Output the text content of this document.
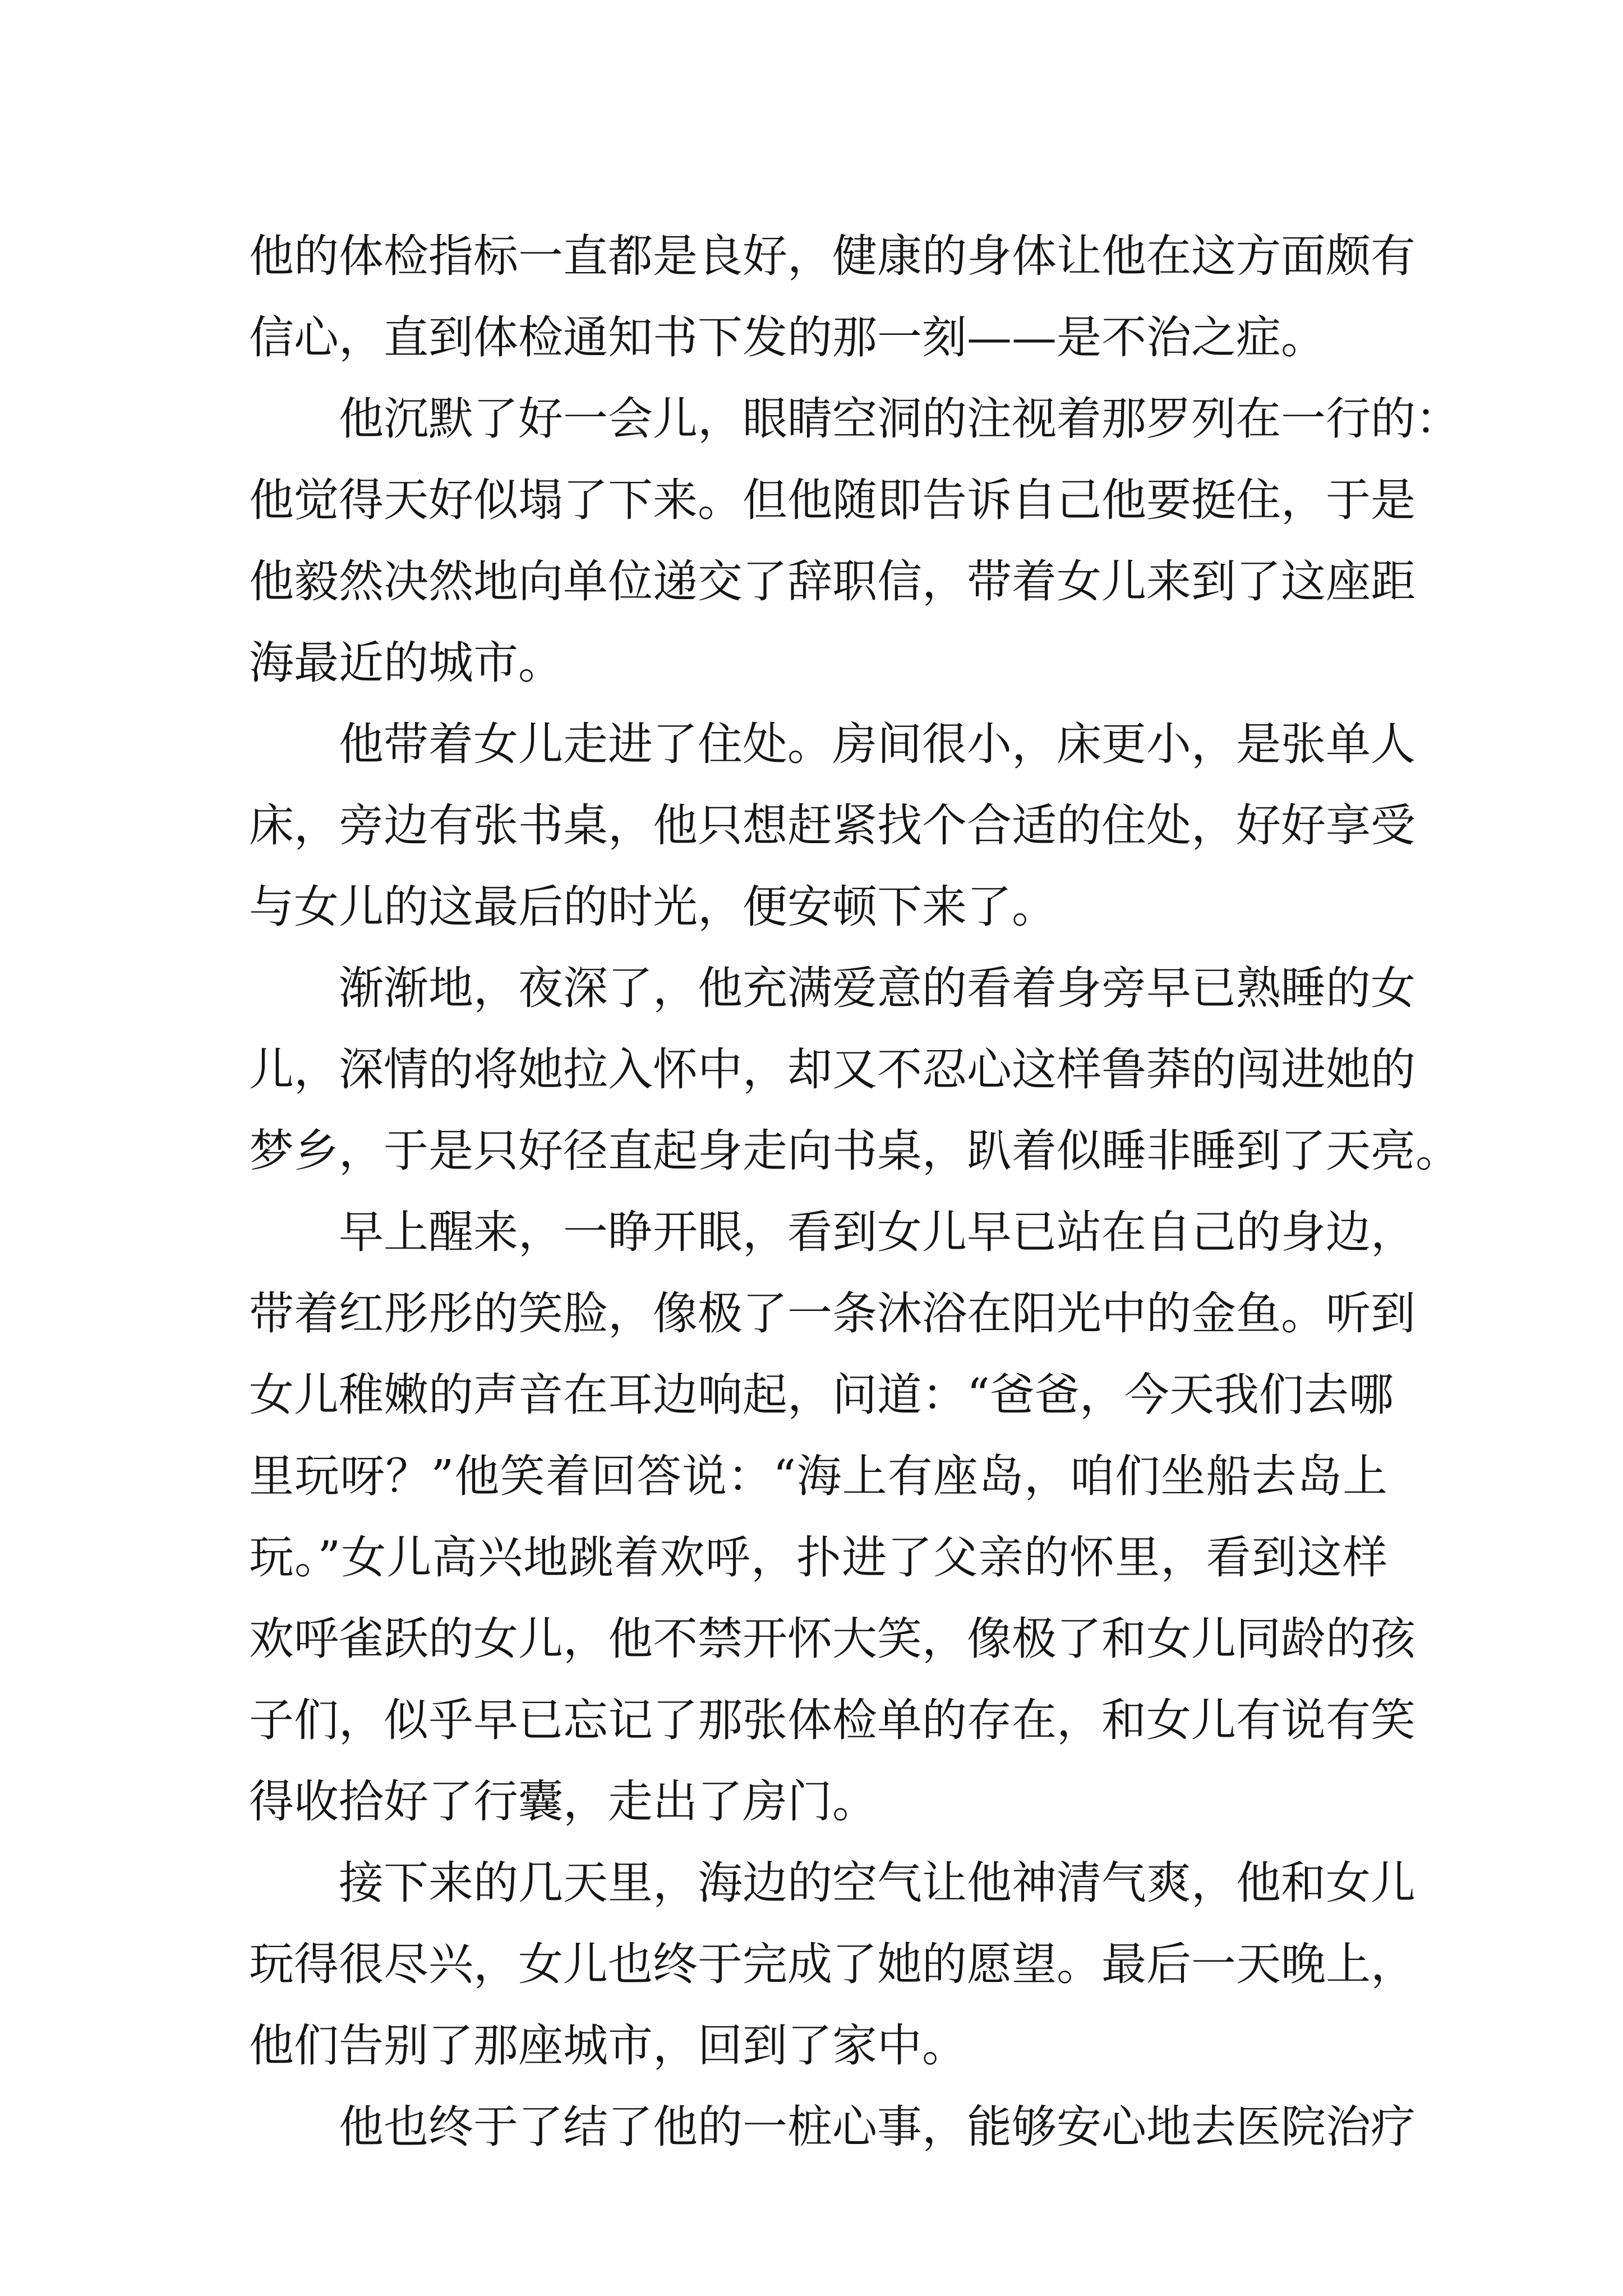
他的体检指标一直都是良好，健康的身体让他在这方面颇有
信心，直到体检通知书下发的那一刻——是不治之症。
他沉默了好一会儿，眼睛空洞的注视着那罗列在一行的：
他觉得天好似塌了下来。但他随即告诉自己他要挺住，于是
他毅然决然地向单位递交了辞职信，带着女儿来到了这座距
海最近的城市。
他带着女儿走进了住处。房间很小，床更小，是张单人
床，旁边有张书桌，他只想赶紧找个合适的住处，好好享受
与女儿的这最后的时光，便安顿下来了。
渐渐地，夜深了，他充满爱意的看着身旁早已熟睡的女
儿，深情的将她拉入怀中，却又不忍心这样鲁莽的闯进她的
梦乡，于是只好径直起身走向书桌，趴着似睡非睡到了天亮。
早上醒来，一睁开眼，看到女儿早已站在自己的身边，
带着红彤彤的笑脸，像极了一条沐浴在阳光中的金鱼。听到
女儿稚嫩的声音在耳边响起，问道：“爸爸，今天我们去哪
里玩呀？”他笑着回答说：“海上有座岛，咱们坐船去岛上
玩。”女儿高兴地跳着欢呼，扑进了父亲的怀里，看到这样
欢呼雀跃的女儿，他不禁开怀大笑，像极了和女儿同龄的孩
子们，似乎早已忘记了那张体检单的存在，和女儿有说有笑
得收拾好了行囊，走出了房门。
接下来的几天里，海边的空气让他神清气爽，他和女儿
玩得很尽兴，女儿也终于完成了她的愿望。最后一天晚上，
他们告别了那座城市，回到了家中。
他也终于了结了他的一桩心事，能够安心地去医院治疗
